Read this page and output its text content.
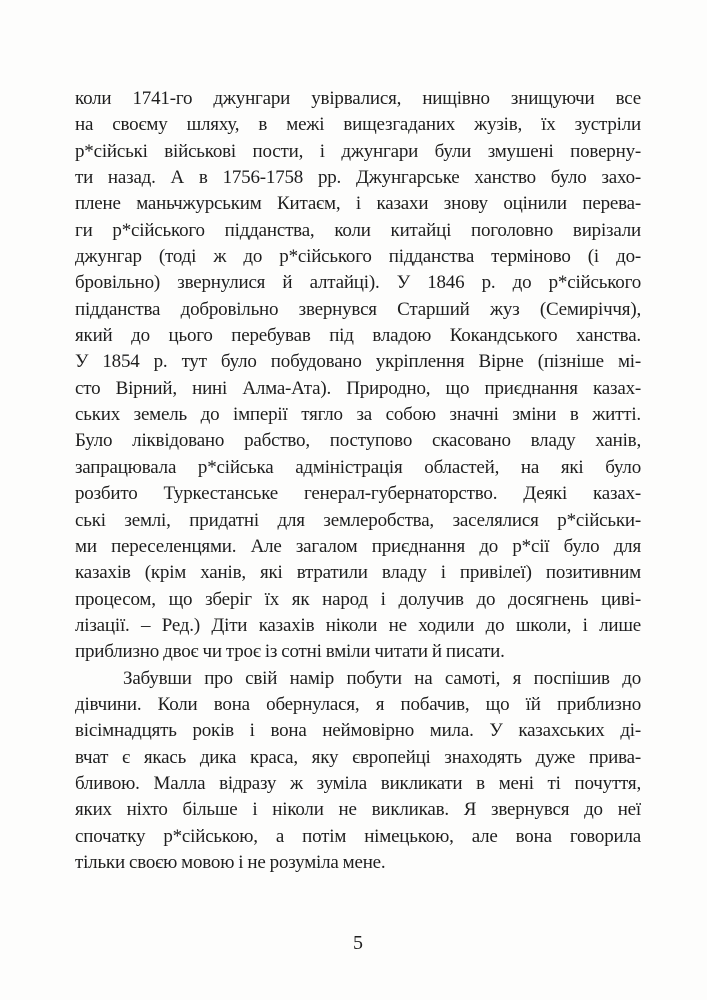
коли 1741-го джунгари увірвалися, нищівно знищуючи все
на своєму шляху, в межі вищезгаданих жузів, їх зустріли
р*сійські військові пости, і джунгари були змушені поверну-
ти назад. А в 1756-1758 рр. Джунгарське ханство було захо-
плене маньчжурським Китаєм, і казахи знову оцінили перева-
ги р*сійського підданства, коли китайці поголовно вирізали
джунгар (тоді ж до р*сійського підданства терміново (і до-
бровільно) звернулися й алтайці). У 1846 р. до р*сійського
підданства добровільно звернувся Старший жуз (Семиріччя),
який до цього перебував під владою Кокандського ханства.
У 1854 р. тут було побудовано укріплення Вірне (пізніше мі-
сто Вірний, нині Алма-Ата). Природно, що приєднання казах-
ських земель до імперії тягло за собою значні зміни в житті.
Було ліквідовано рабство, поступово скасовано владу ханів,
запрацювала р*сійська адміністрація областей, на які було
розбито Туркестанське генерал-губернаторство. Деякі казах-
ські землі, придатні для землеробства, заселялися р*сійськи-
ми переселенцями. Але загалом приєднання до р*сії було для
казахів (крім ханів, які втратили владу і привілеї) позитивним
процесом, що зберіг їх як народ і долучив до досягнень циві-
лізації. – Ред.) Діти казахів ніколи не ходили до школи, і лише
приблизно двоє чи троє із сотні вміли читати й писати.
Забувши про свій намір побути на самоті, я поспішив до
дівчини. Коли вона обернулася, я побачив, що їй приблизно
вісімнадцять років і вона неймовірно мила. У казахських ді-
вчат є якась дика краса, яку європейці знаходять дуже прива-
бливою. Малла відразу ж зуміла викликати в мені ті почуття,
яких ніхто більше і ніколи не викликав. Я звернувся до неї
спочатку р*сійською, а потім німецькою, але вона говорила
тільки своєю мовою і не розуміла мене.
5
